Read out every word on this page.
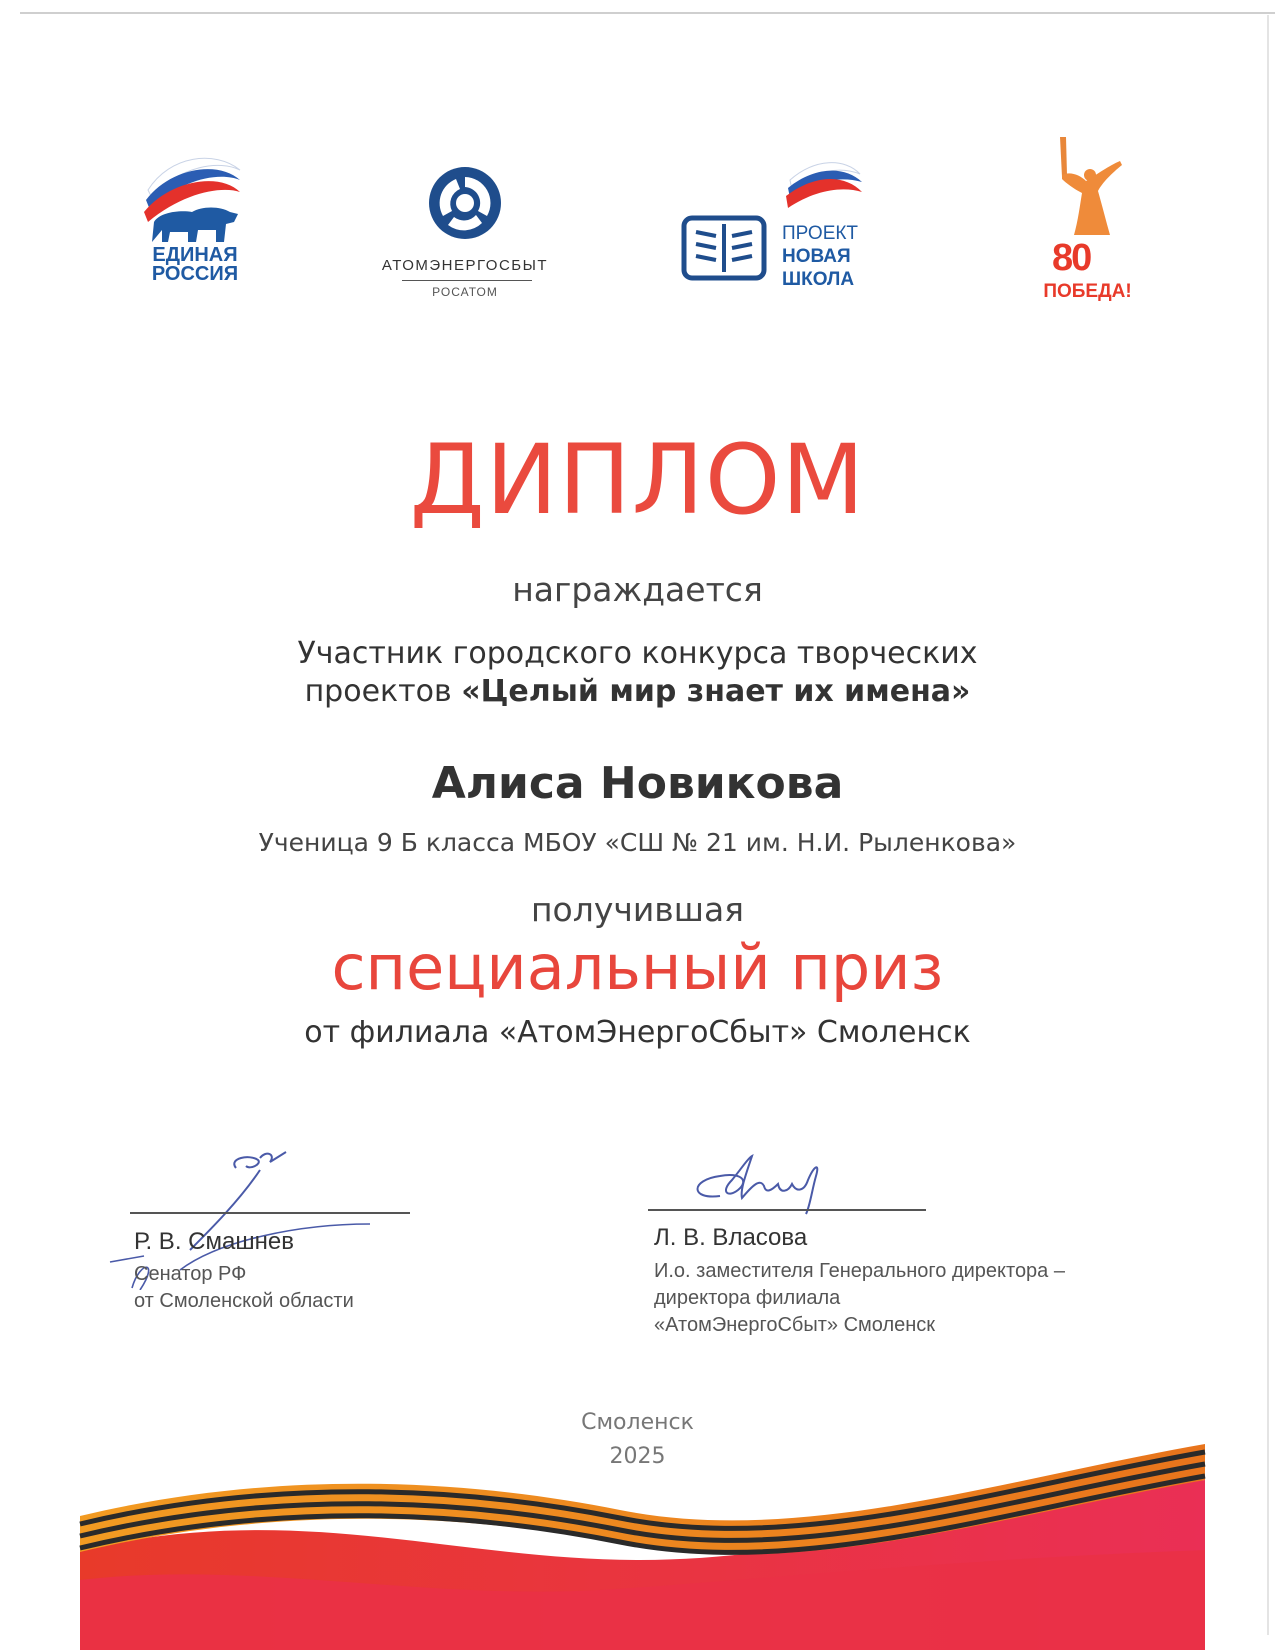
ЕДИНАЯ
РОССИЯ	АТОМЭНЕРГОСБЫТ
РОСАТОМ
ПРОЕКТ
НОВАЯ
ШКОЛА
80
ПОБЕДА!
ДИПЛОМ
награждается
Участник городского конкурса творческих
проектов «Целый мир знает их имена»
Алиса Новикова
Ученица 9 Б класса МБОУ «СШ № 21 им. Н.И. Рыленкова»
получившая
специальный приз
от филиала «АтомЭнергоСбыт» Смоленск
Р. В. Смашнев
Сенатор РФ
от Смоленской области
Л. В. Власова
И.о. заместителя Генерального директора –
директора филиала
«АтомЭнергоСбыт» Смоленск
Смоленск
2025
